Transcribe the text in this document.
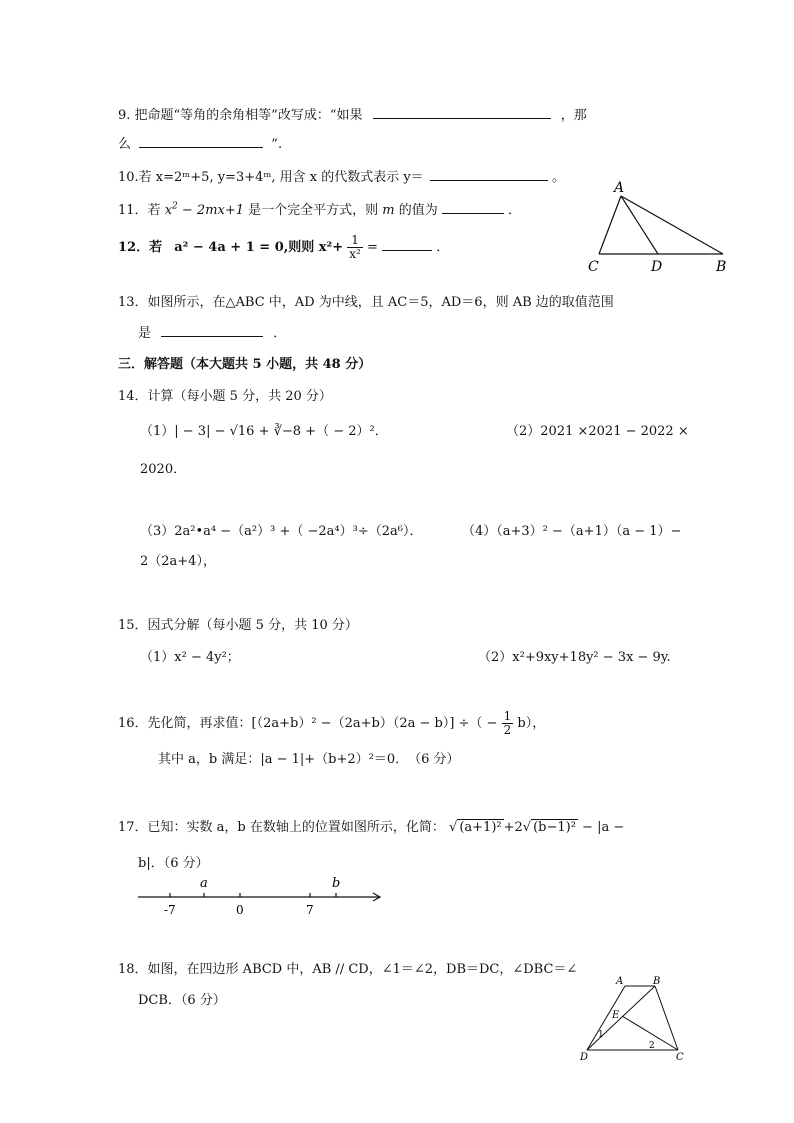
9. 把命题“等角的余角相等”改写成：“如果	，那
么	”.
10.若 x=2ᵐ+5, y=3+4ᵐ, 用含 x 的代数式表示 y＝	。
11．若 $x^2 - 2mx+1$ 是一个完全平方式，则 m 的值为	．
12．若 a² − 4a + 1 = 0,则则 $x^2+ \frac{1}{\text{x²}}$ =	．
A
C	D	B
13．如图所示，在△ABC 中，AD 为中线，且 AC＝5，AD＝6，则 AB 边的取值范围
是	．
三．解答题（本大题共 5 小题，共 48 分）
14．计算（每小题 5 分，共 20 分）
（1）| − 3| − √16 + ∛−8 +（ − 2）²．	（2）2021 ×2021 − 2022 ×
2020．
（3）2a²•a⁴ −（a²）³ +（ −2a⁴）³÷（2a⁶）．	（4）（a+3）² −（a+1）（a − 1）−
2（2a+4），
15．因式分解（每小题 5 分，共 10 分）
（1）x² − 4y²；	（2）x²+9xy+18y² − 3x − 9y.
16．先化简，再求值：[（2a+b）² −（2a+b）（2a − b）] ÷（ − $\frac{1}{2} b$），
其中 a，b 满足：|a − 1|+（b+2）²＝0．　（6 分）
17．已知：实数 a，b 在数轴上的位置如图所示，化简： √ (a+1)² +2√ (b−1)² − |a −
b|．（6 分）
a	b
-7	0	7
18．如图，在四边形 ABCD 中，AB // CD，∠1＝∠2，DB＝DC，∠DBC＝∠
DCB．（6 分）
A	B
E
1
2
D	C
